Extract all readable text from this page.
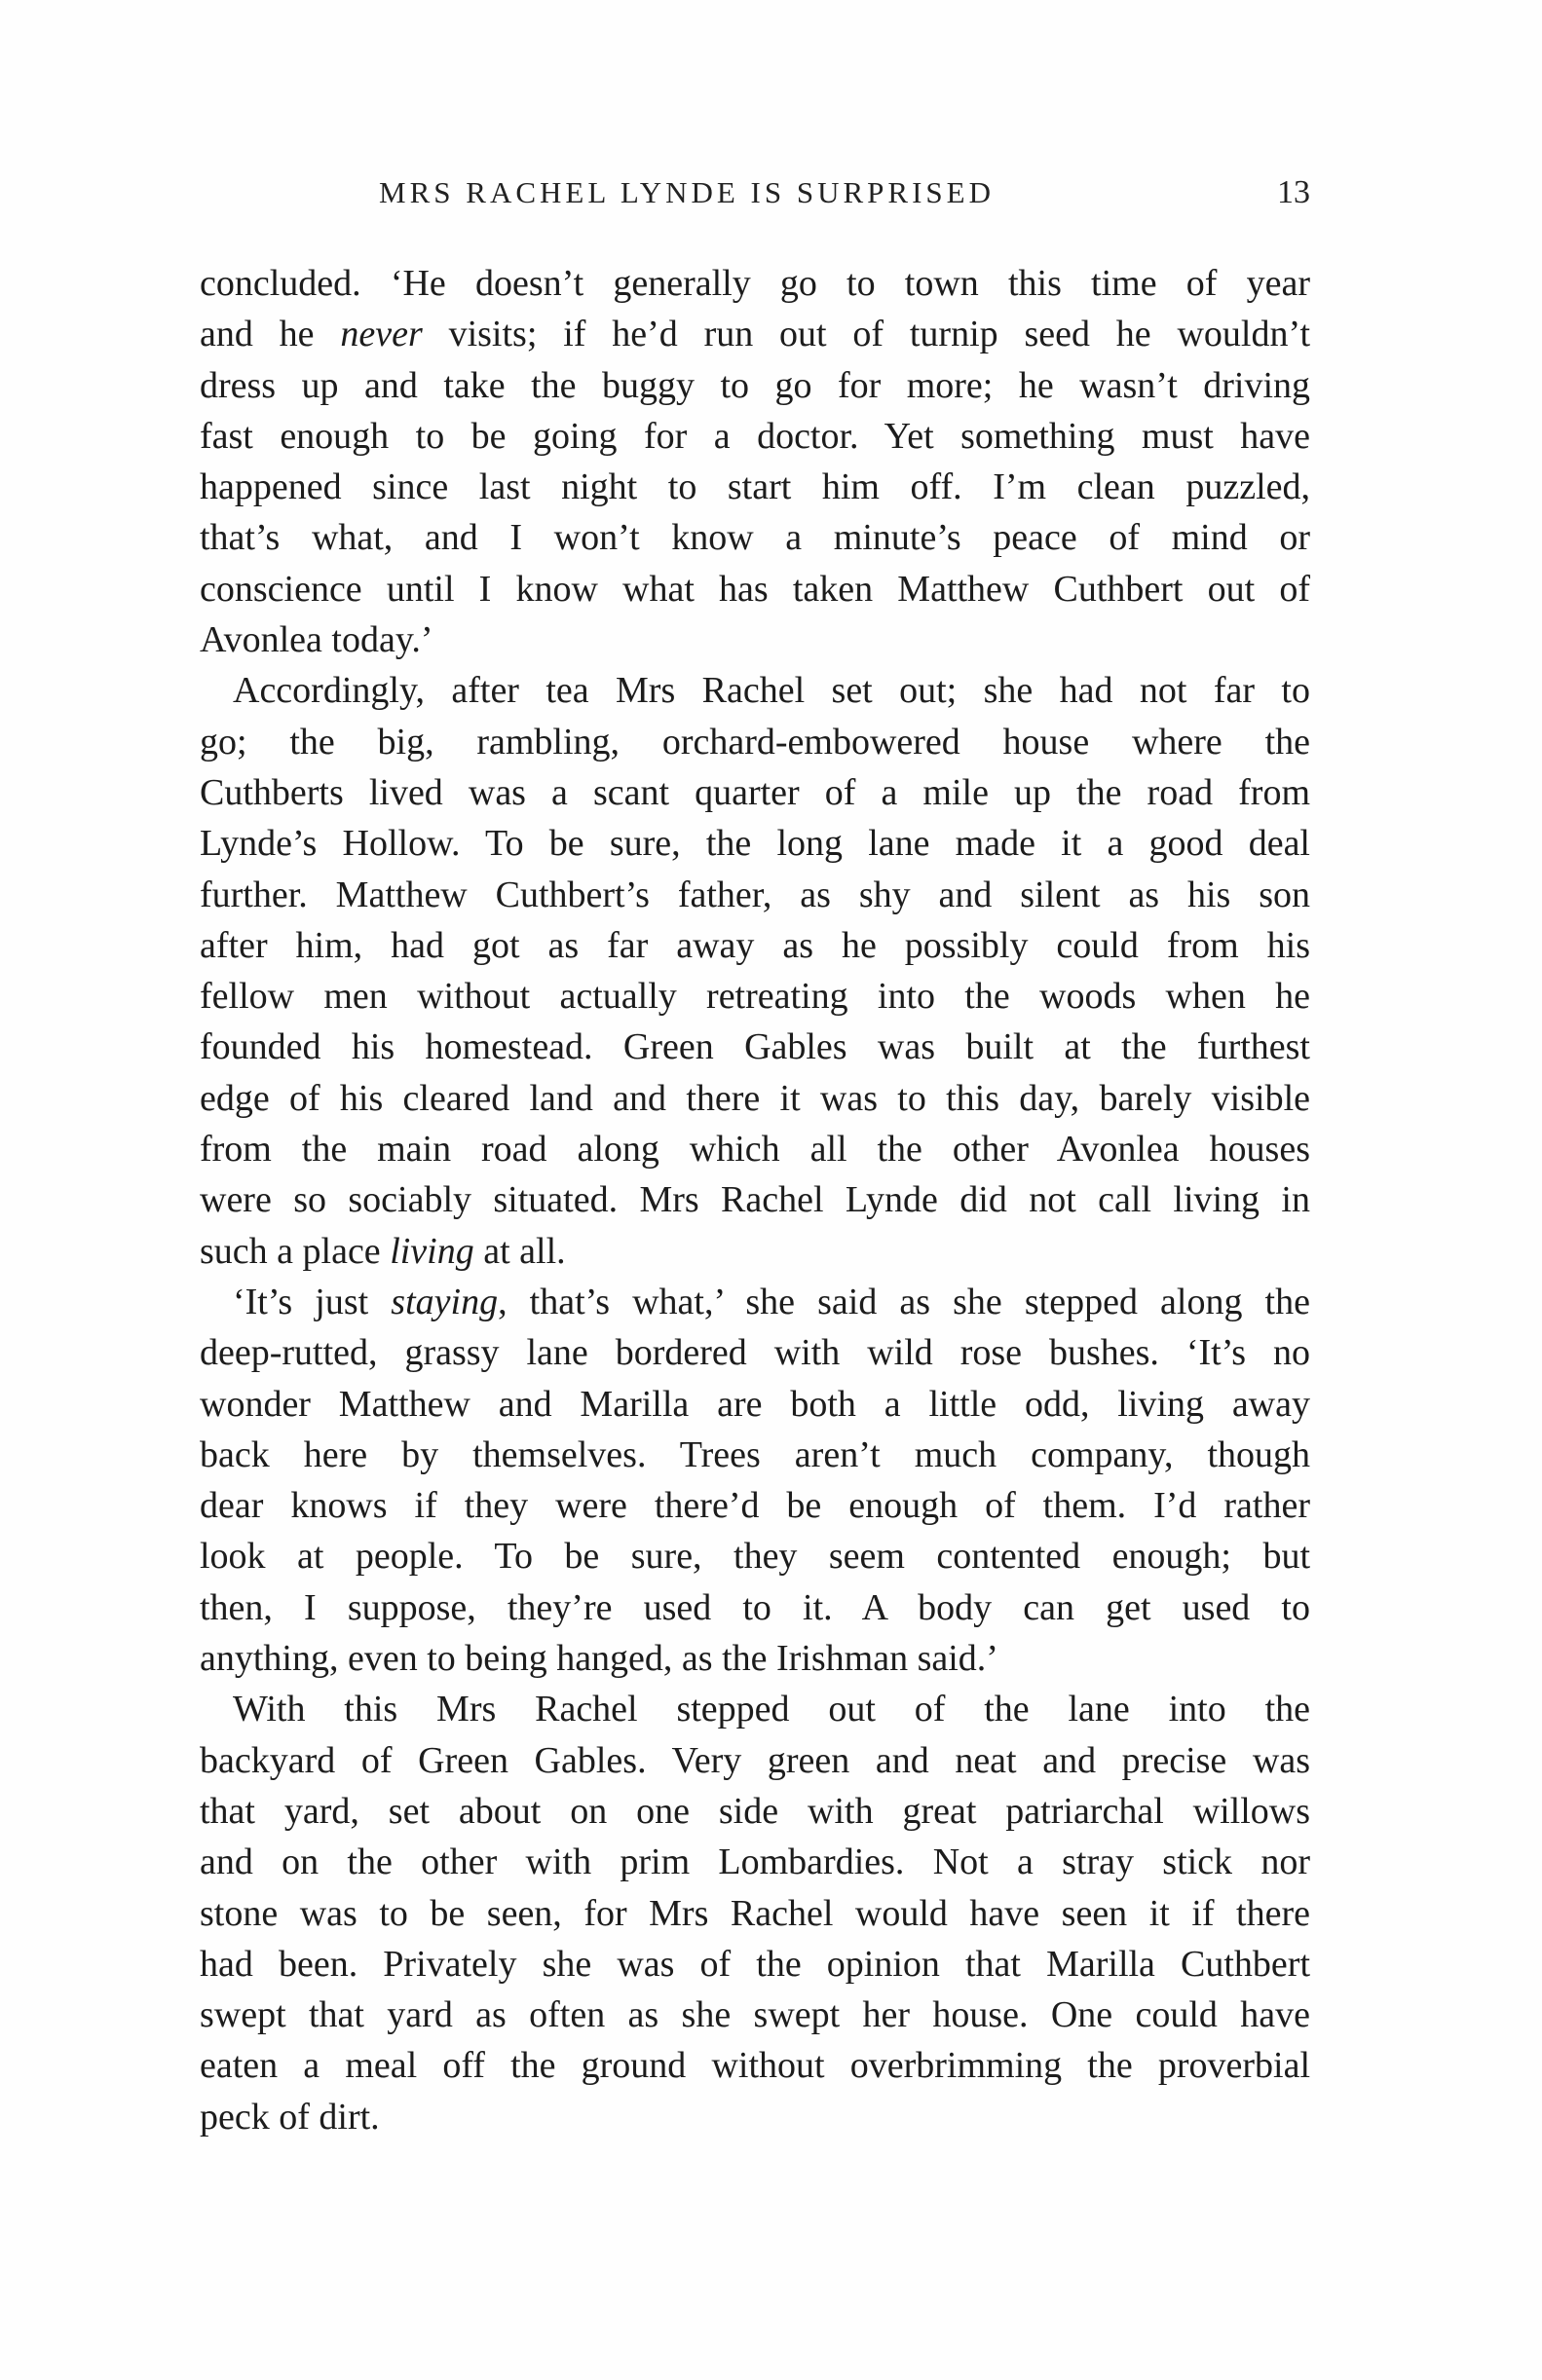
MRS RACHEL LYNDE IS SURPRISED	13
concluded. ‘He doesn’t generally go to town this time of year
and he never visits; if he’d run out of turnip seed he wouldn’t
dress up and take the buggy to go for more; he wasn’t driving
fast enough to be going for a doctor. Yet something must have
happened since last night to start him off. I’m clean puzzled,
that’s what, and I won’t know a minute’s peace of mind or
conscience until I know what has taken Matthew Cuthbert out of
Avonlea today.’
Accordingly, after tea Mrs Rachel set out; she had not far to
go; the big, rambling, orchard-embowered house where the
Cuthberts lived was a scant quarter of a mile up the road from
Lynde’s Hollow. To be sure, the long lane made it a good deal
further. Matthew Cuthbert’s father, as shy and silent as his son
after him, had got as far away as he possibly could from his
fellow men without actually retreating into the woods when he
founded his homestead. Green Gables was built at the furthest
edge of his cleared land and there it was to this day, barely visible
from the main road along which all the other Avonlea houses
were so sociably situated. Mrs Rachel Lynde did not call living in
such a place living at all.
‘It’s just staying, that’s what,’ she said as she stepped along the
deep-rutted, grassy lane bordered with wild rose bushes. ‘It’s no
wonder Matthew and Marilla are both a little odd, living away
back here by themselves. Trees aren’t much company, though
dear knows if they were there’d be enough of them. I’d rather
look at people. To be sure, they seem contented enough; but
then, I suppose, they’re used to it. A body can get used to
anything, even to being hanged, as the Irishman said.’
With this Mrs Rachel stepped out of the lane into the
backyard of Green Gables. Very green and neat and precise was
that yard, set about on one side with great patriarchal willows
and on the other with prim Lombardies. Not a stray stick nor
stone was to be seen, for Mrs Rachel would have seen it if there
had been. Privately she was of the opinion that Marilla Cuthbert
swept that yard as often as she swept her house. One could have
eaten a meal off the ground without overbrimming the proverbial
peck of dirt.
